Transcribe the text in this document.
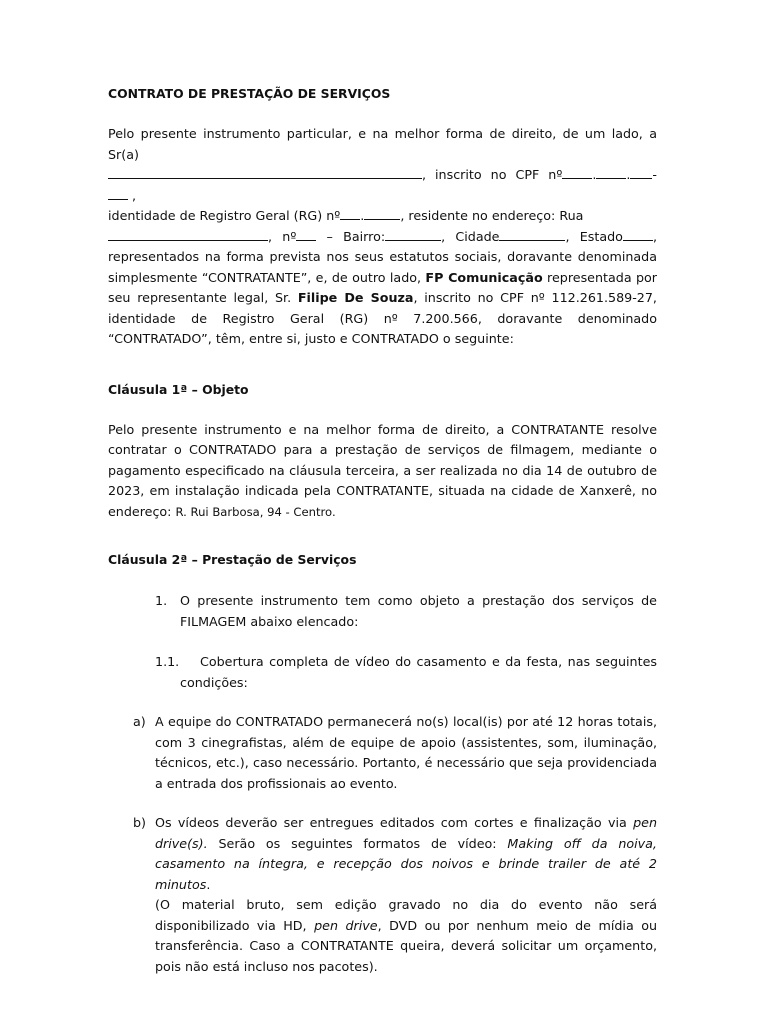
CONTRATO DE PRESTAÇÃO DE SERVIÇOS

Pelo presente instrumento particular, e na melhor forma de direito, de um lado, a Sr(a)
, inscrito no CPF nº . . - ,
identidade de Registro Geral (RG) nº .	, residente no endereço: Rua
, nº – Bairro:	, Cidade	, Estado , representados na forma prevista nos seus estatutos sociais, doravante denominada simplesmente “CONTRATANTE”, e, de outro lado, FP Comunicação representada por seu representante legal, Sr. Filipe De Souza, inscrito no CPF nº 112.261.589-27, identidade de Registro Geral (RG) nº 7.200.566, doravante denominado “CONTRATADO”, têm, entre si, justo e CONTRATADO o seguinte:

Cláusula 1ª – Objeto

Pelo presente instrumento e na melhor forma de direito, a CONTRATANTE resolve contratar o CONTRATADO para a prestação de serviços de filmagem, mediante o pagamento especificado na cláusula terceira, a ser realizada no dia 14 de outubro de 2023, em instalação indicada pela CONTRATANTE, situada na cidade de Xanxerê, no endereço: R. Rui Barbosa, 94 - Centro.

Cláusula 2ª – Prestação de Serviços

1. O presente instrumento tem como objeto a prestação dos serviços de FILMAGEM abaixo elencado:
1.1. Cobertura completa de vídeo do casamento e da festa, nas seguintes condições:
a) A equipe do CONTRATADO permanecerá no(s) local(is) por até 12 horas totais, com 3 cinegrafistas, além de equipe de apoio (assistentes, som, iluminação, técnicos, etc.), caso necessário. Portanto, é necessário que seja providenciada a entrada dos profissionais ao evento.
b) Os vídeos deverão ser entregues editados com cortes e finalização via pen drive(s). Serão os seguintes formatos de vídeo: Making off da noiva, casamento na íntegra, e recepção dos noivos e brinde trailer de até 2 minutos.
(O material bruto, sem edição gravado no dia do evento não será disponibilizado via HD, pen drive, DVD ou por nenhum meio de mídia ou transferência. Caso a CONTRATANTE queira, deverá solicitar um orçamento, pois não está incluso nos pacotes).
